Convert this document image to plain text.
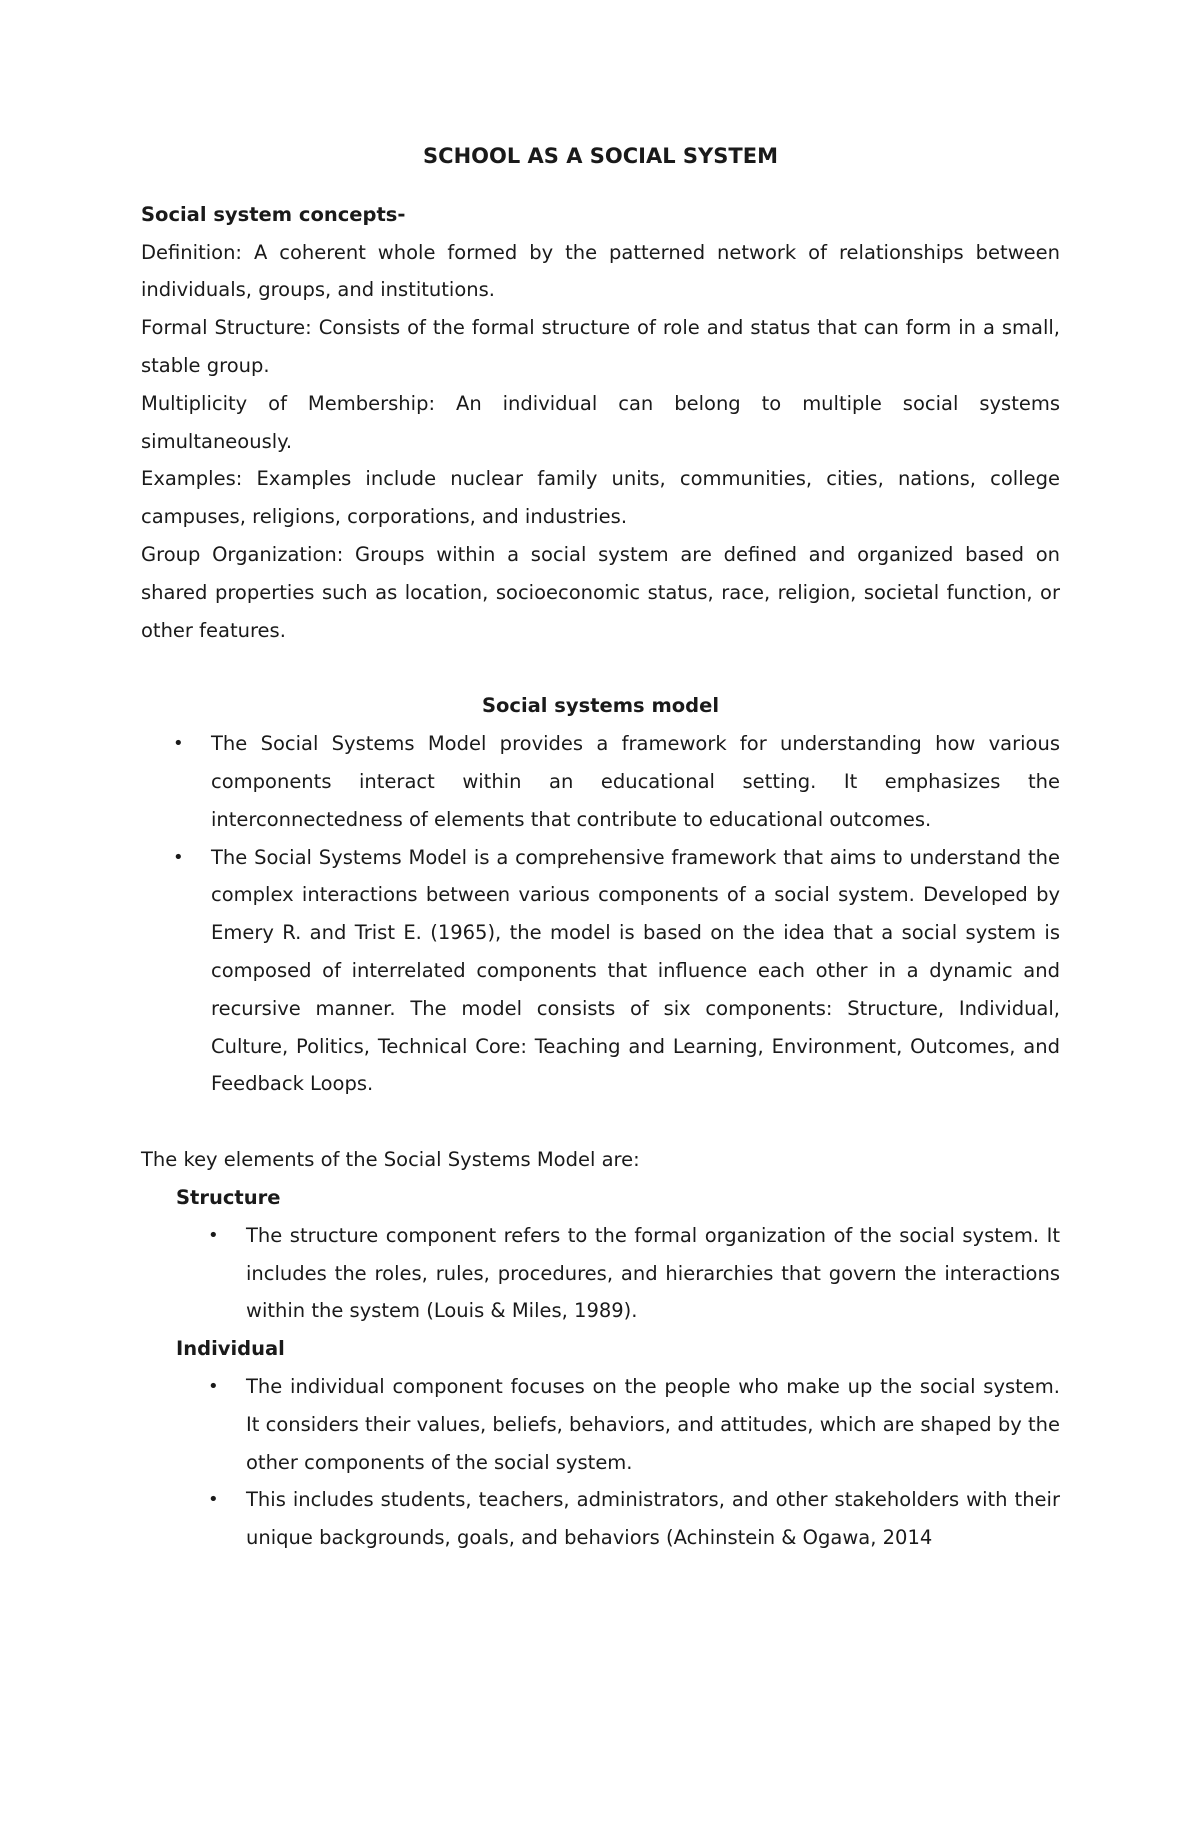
SCHOOL AS A SOCIAL SYSTEM
Social system concepts-

Definition: A coherent whole formed by the patterned network of relationships between individuals, groups, and institutions.

Formal Structure: Consists of the formal structure of role and status that can form in a small, stable group.

Multiplicity of Membership: An individual can belong to multiple social systems simultaneously.

Examples: Examples include nuclear family units, communities, cities, nations, college campuses, religions, corporations, and industries.

Group Organization: Groups within a social system are defined and organized based on shared properties such as location, socioeconomic status, race, religion, societal function, or other features.

Social systems model
• The Social Systems Model provides a framework for understanding how various components interact within an educational setting. It emphasizes the interconnectedness of elements that contribute to educational outcomes.
• The Social Systems Model is a comprehensive framework that aims to understand the complex interactions between various components of a social system. Developed by Emery R. and Trist E. (1965), the model is based on the idea that a social system is composed of interrelated components that influence each other in a dynamic and recursive manner. The model consists of six components: Structure, Individual, Culture, Politics, Technical Core: Teaching and Learning, Environment, Outcomes, and Feedback Loops.

The key elements of the Social Systems Model are:

Structure
• The structure component refers to the formal organization of the social system. It includes the roles, rules, procedures, and hierarchies that govern the interactions within the system (Louis & Miles, 1989).
Individual
• The individual component focuses on the people who make up the social system. It considers their values, beliefs, behaviors, and attitudes, which are shaped by the other components of the social system.
• This includes students, teachers, administrators, and other stakeholders with their unique backgrounds, goals, and behaviors (Achinstein & Ogawa, 2014
